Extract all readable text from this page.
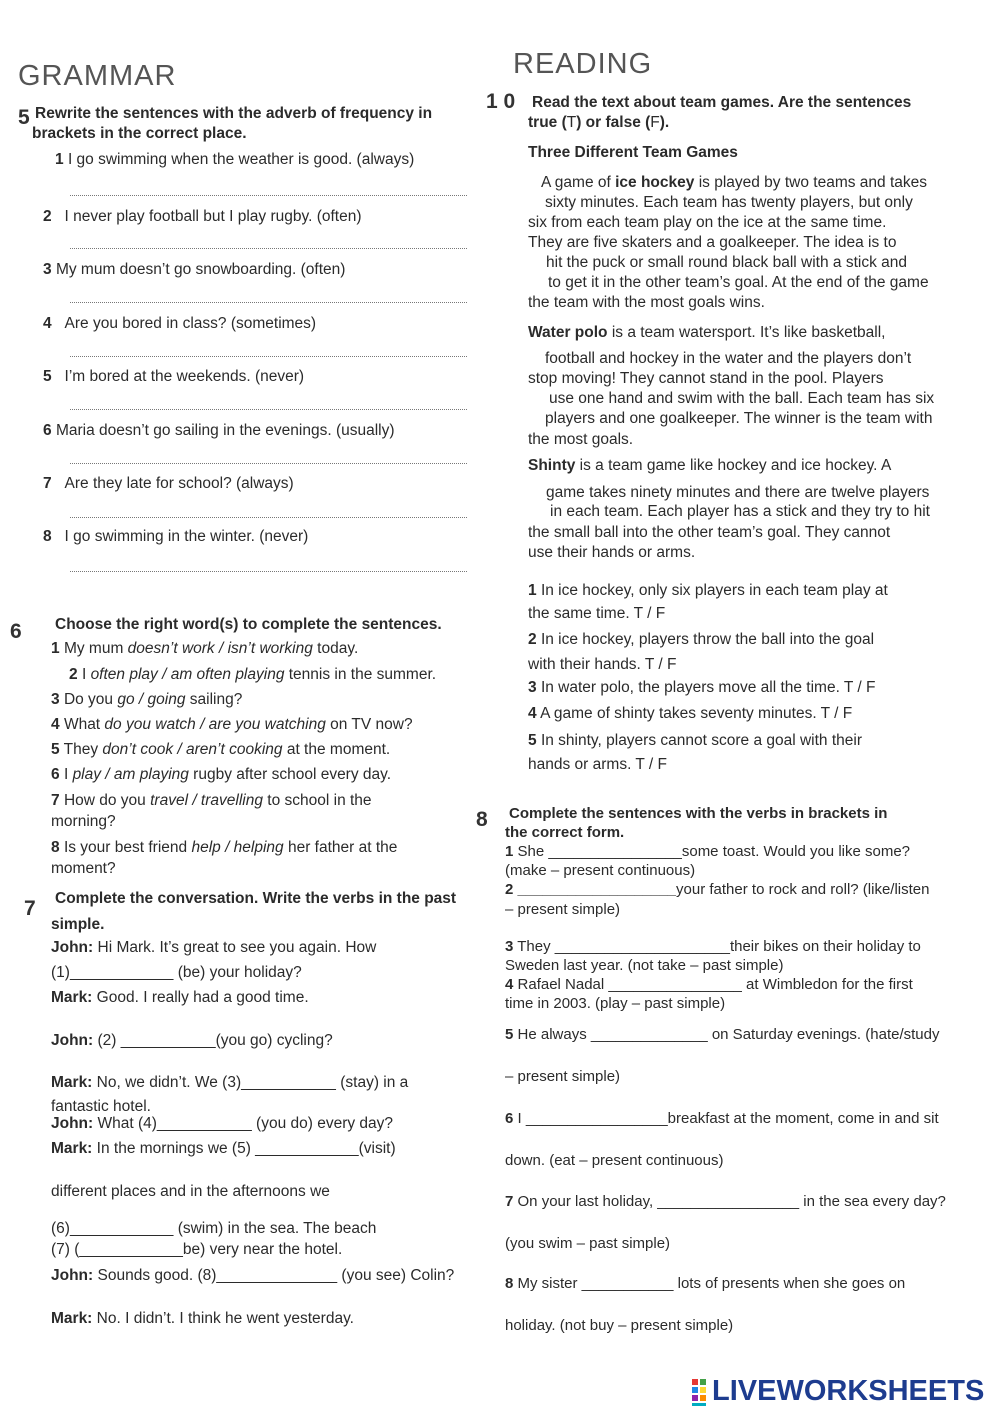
GRAMMAR
5 Rewrite the sentences with the adverb of frequency in
brackets in the correct place.
1 I go swimming when the weather is good. (always)
2 I never play football but I play rugby. (often)
3 My mum doesn’t go snowboarding. (often)
4 Are you bored in class? (sometimes)
5 I’m bored at the weekends. (never)
6 Maria doesn’t go sailing in the evenings. (usually)
7 Are they late for school? (always)
8 I go swimming in the winter. (never)
6 Choose the right word(s) to complete the sentences.
1 My mum doesn’t work / isn’t working today.
2 I often play / am often playing tennis in the summer.
3 Do you go / going sailing?
4 What do you watch / are you watching on TV now?
5 They don’t cook / aren’t cooking at the moment.
6 I play / am playing rugby after school every day.
7 How do you travel / travelling to school in the
morning?
8 Is your best friend help / helping her father at the
moment?
7 Complete the conversation. Write the verbs in the past
simple.
John: Hi Mark. It’s great to see you again. How
(1)____________ (be) your holiday?
Mark: Good. I really had a good time.
John: (2) ___________(you go) cycling?
Mark: No, we didn’t. We (3)___________ (stay) in a
fantastic hotel.
John: What (4)___________ (you do) every day?
Mark: In the mornings we (5) ____________(visit)
different places and in the afternoons we
(6)____________ (swim) in the sea. The beach
(7) (____________be) very near the hotel.
John: Sounds good. (8)______________ (you see) Colin?
Mark: No. I didn’t. I think he went yesterday.
READING
1 0 Read the text about team games. Are the sentences
true (T) or false (F).
Three Different Team Games
A game of ice hockey is played by two teams and takes
sixty minutes. Each team has twenty players, but only
six from each team play on the ice at the same time.
They are five skaters and a goalkeeper. The idea is to
hit the puck or small round black ball with a stick and
to get it in the other team’s goal. At the end of the game
the team with the most goals wins.
Water polo is a team watersport. It’s like basketball,
football and hockey in the water and the players don’t
stop moving! They cannot stand in the pool. Players
use one hand and swim with the ball. Each team has six
players and one goalkeeper. The winner is the team with
the most goals.
Shinty is a team game like hockey and ice hockey. A
game takes ninety minutes and there are twelve players
in each team. Each player has a stick and they try to hit
the small ball into the other team’s goal. They cannot
use their hands or arms.
1 In ice hockey, only six players in each team play at
the same time. T / F
2 In ice hockey, players throw the ball into the goal
with their hands. T / F
3 In water polo, the players move all the time. T / F
4 A game of shinty takes seventy minutes. T / F
5 In shinty, players cannot score a goal with their
hands or arms. T / F
8 Complete the sentences with the verbs in brackets in
the correct form.
1 She ________________some toast. Would you like some?
(make – present continuous)
2 ___________________your father to rock and roll? (like/listen
– present simple)
3 They _____________________their bikes on their holiday to
Sweden last year. (not take – past simple)
4 Rafael Nadal ________________ at Wimbledon for the first
time in 2003. (play – past simple)
5 He always ______________ on Saturday evenings. (hate/study
– present simple)
6 I _________________breakfast at the moment, come in and sit
down. (eat – present continuous)
7 On your last holiday, _________________ in the sea every day?
(you swim – past simple)
8 My sister ___________ lots of presents when she goes on
holiday. (not buy – present simple)
LIVEWORKSHEETS
